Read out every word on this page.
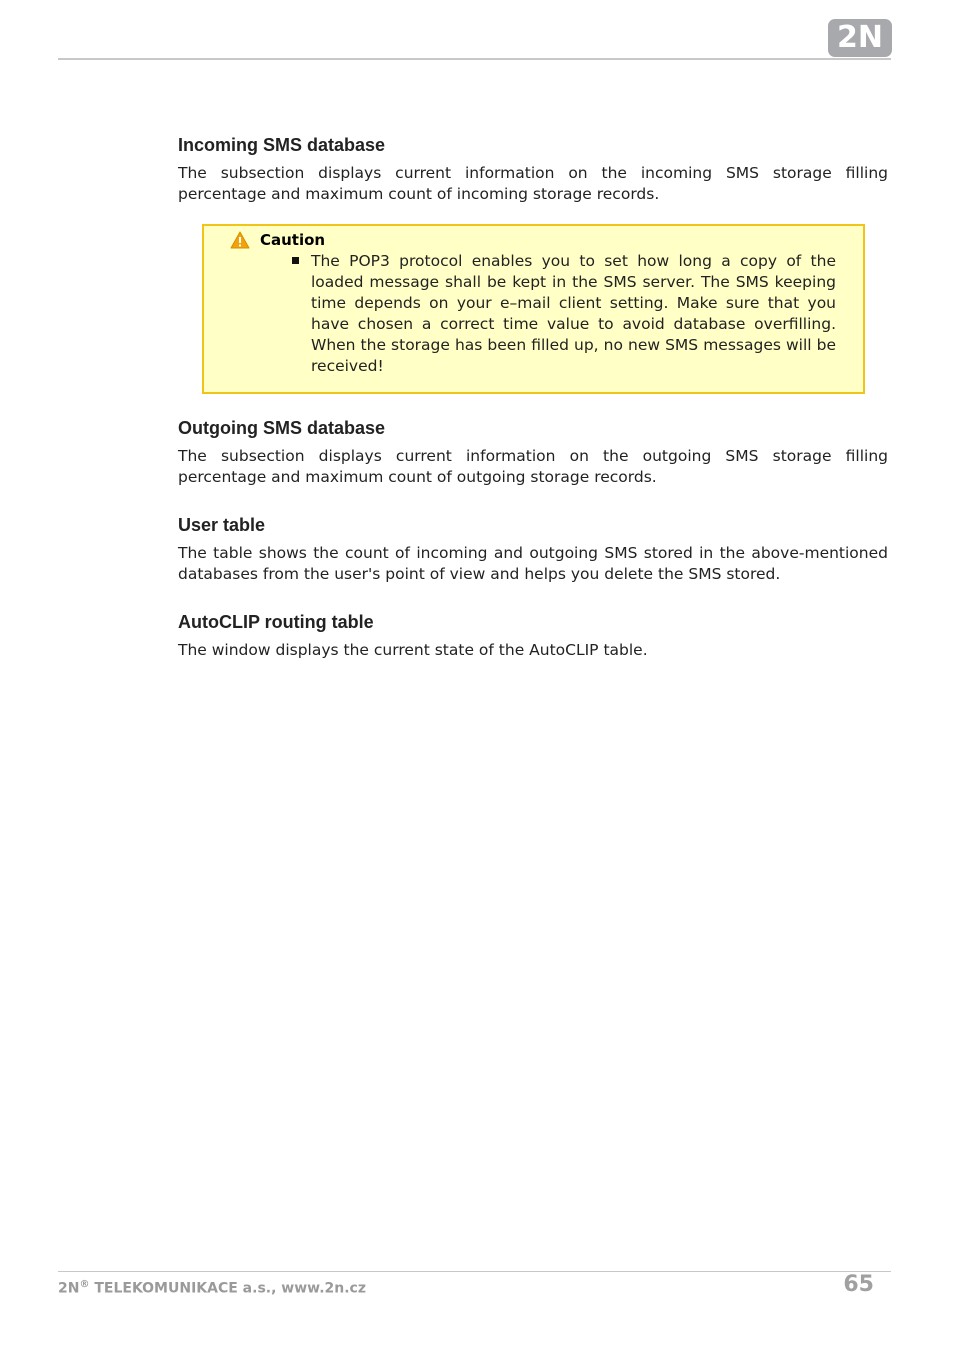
2N
Incoming SMS database

The subsection displays current information on the incoming SMS storage filling percentage and maximum count of incoming storage records.

Caution

The POP3 protocol enables you to set how long a copy of the loaded message shall be kept in the SMS server. The SMS keeping time depends on your e–mail client setting. Make sure that you have chosen a correct time value to avoid database overfilling. When the storage has been filled up, no new SMS messages will be received!

Outgoing SMS database

The subsection displays current information on the outgoing SMS storage filling percentage and maximum count of outgoing storage records.

User table

The table shows the count of incoming and outgoing SMS stored in the above-mentioned databases from the user's point of view and helps you delete the SMS stored.

AutoCLIP routing table

The window displays the current state of the AutoCLIP table.

2N® TELEKOMUNIKACE a.s., www.2n.cz	65
